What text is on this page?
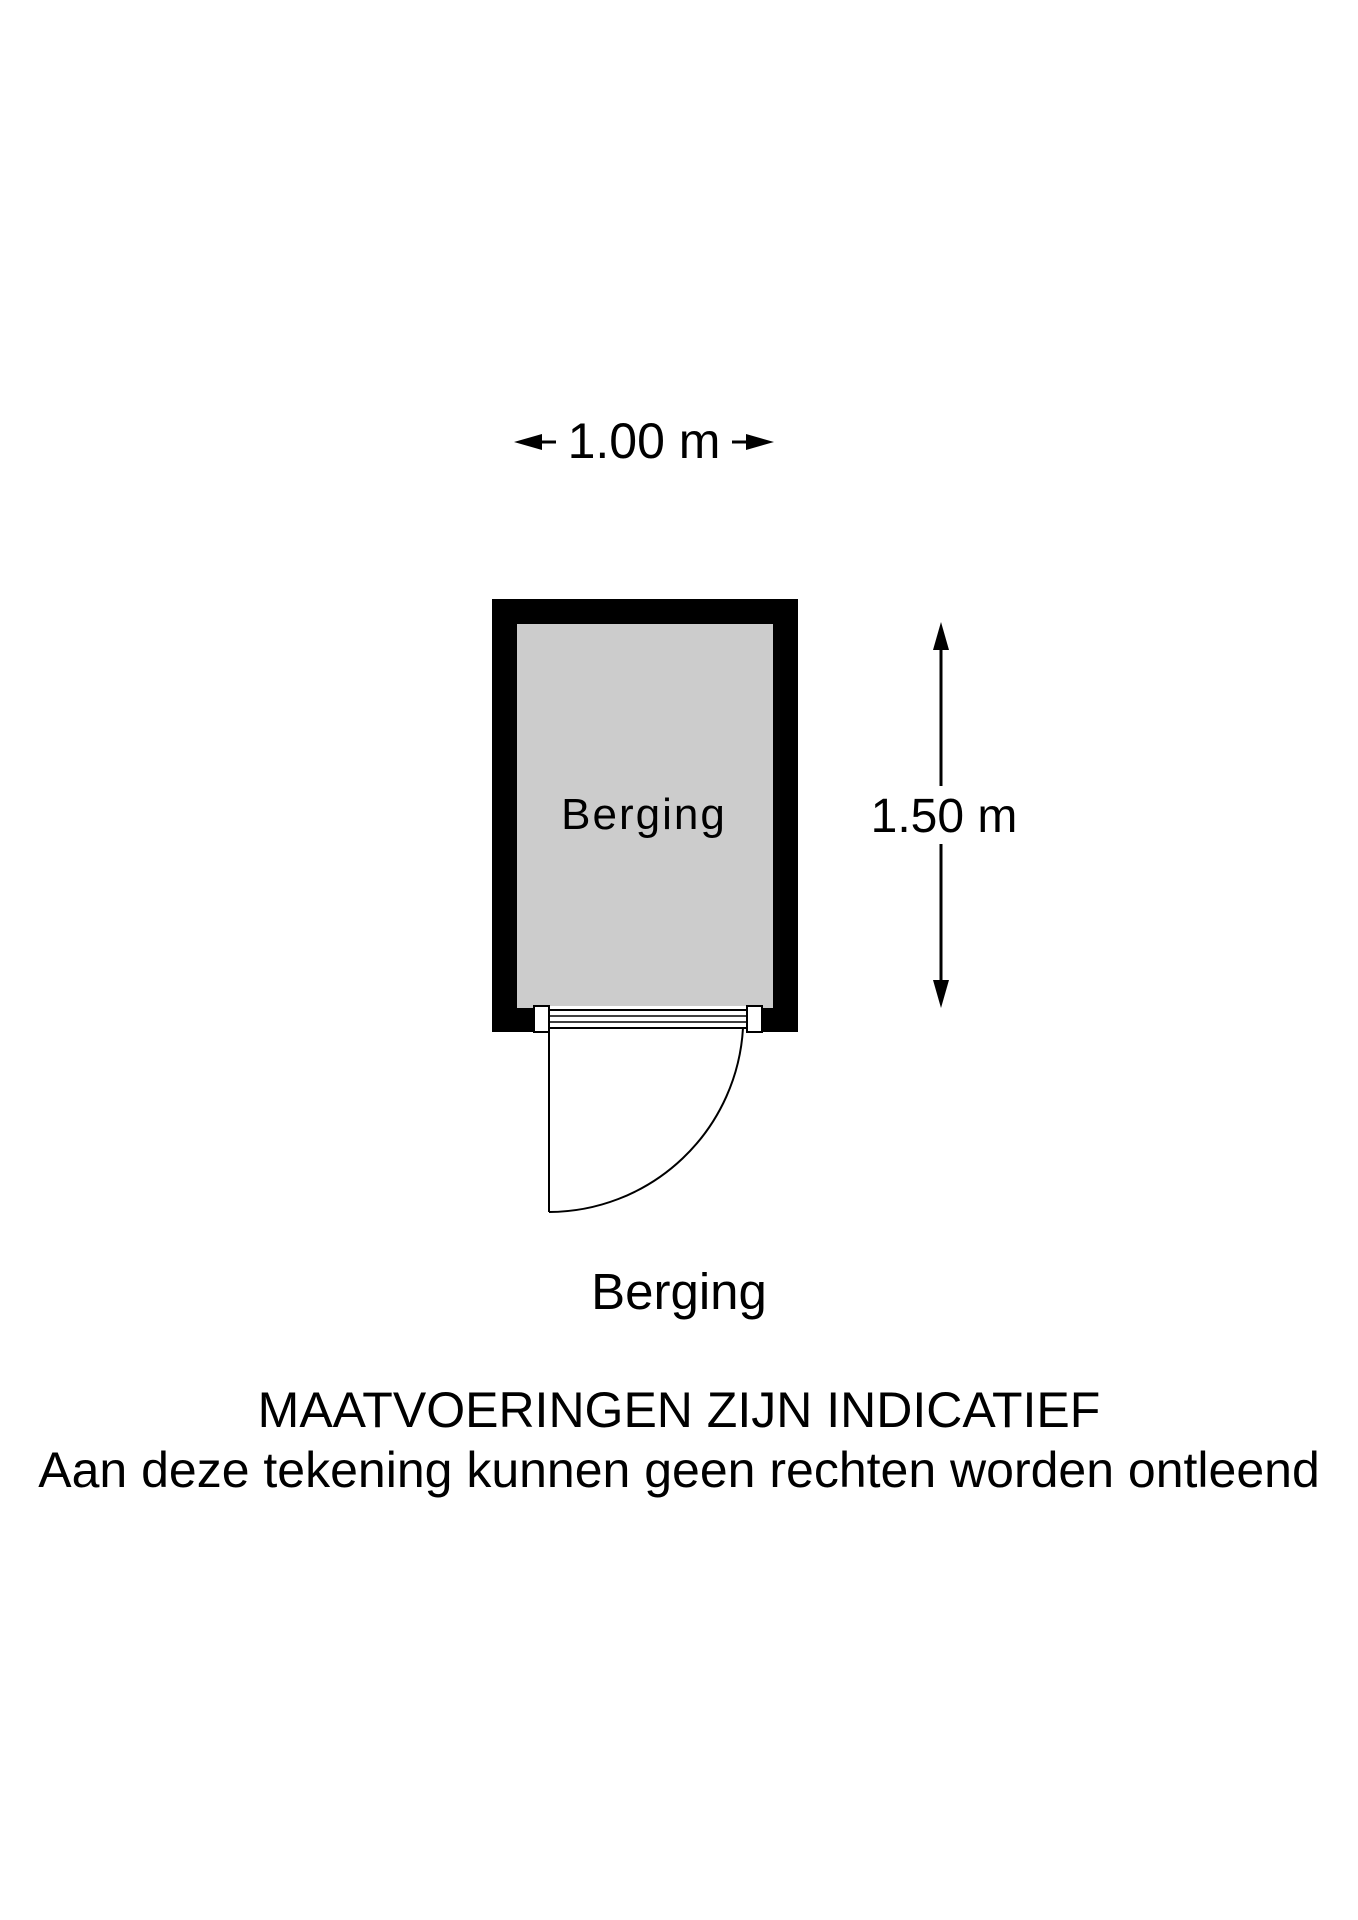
1.00 m
Berging	1.50 m
Berging
MAATVOERINGEN ZIJN INDICATIEF
Aan deze tekening kunnen geen rechten worden ontleend
